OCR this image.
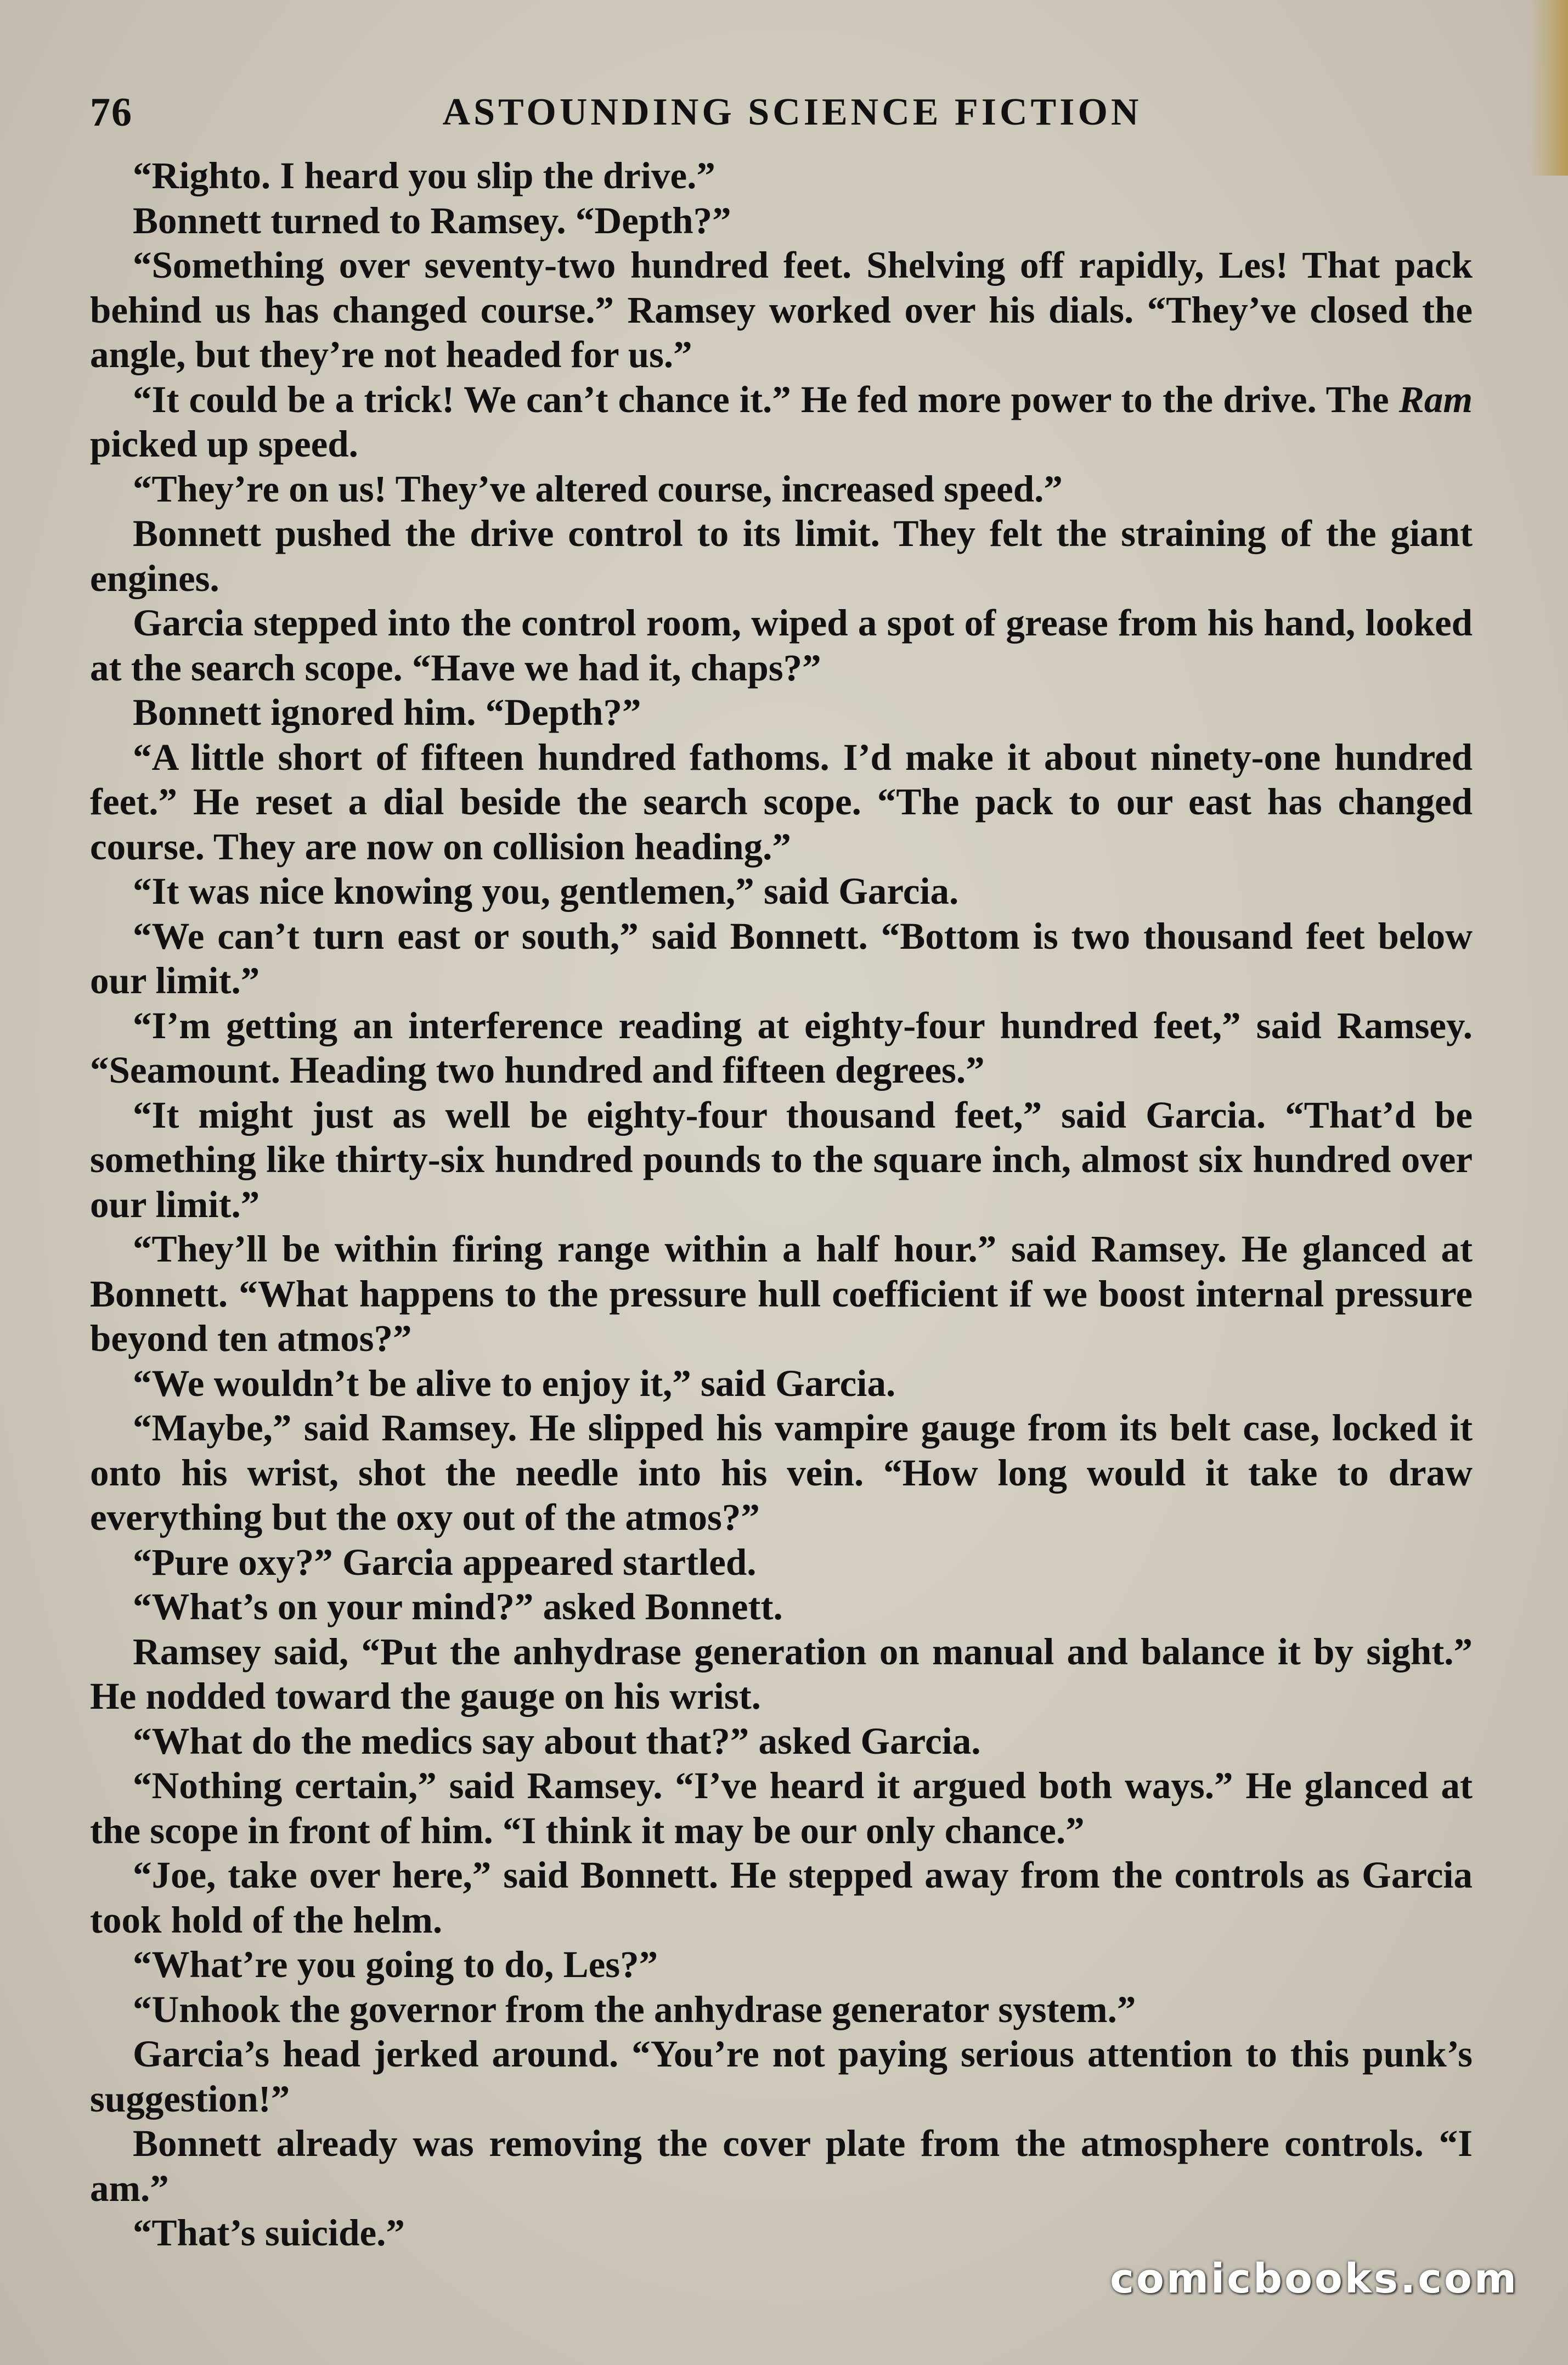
76	ASTOUNDING SCIENCE FICTION

“Righto. I heard you slip the drive.”

Bonnett turned to Ramsey. “Depth?”

“Something over seventy-two hundred feet. Shelving off rapidly, Les! That pack behind us has changed course.” Ramsey worked over his dials. “They’ve closed the angle, but they’re not headed for us.”

“It could be a trick! We can’t chance it.” He fed more power to the drive. The Ram picked up speed.

“They’re on us! They’ve altered course, increased speed.”

Bonnett pushed the drive control to its limit. They felt the straining of the giant engines.

Garcia stepped into the control room, wiped a spot of grease from his hand, looked at the search scope. “Have we had it, chaps?”

Bonnett ignored him. “Depth?”

“A little short of fifteen hundred fathoms. I’d make it about ninety-one hundred feet.” He reset a dial beside the search scope. “The pack to our east has changed course. They are now on collision heading.”

“It was nice knowing you, gentlemen,” said Garcia.

“We can’t turn east or south,” said Bonnett. “Bottom is two thousand feet below our limit.”

“I’m getting an interference reading at eighty-four hundred feet,” said Ramsey. “Seamount. Heading two hundred and fifteen degrees.”

“It might just as well be eighty-four thousand feet,” said Garcia. “That’d be something like thirty-six hundred pounds to the square inch, almost six hundred over our limit.”

“They’ll be within firing range within a half hour.” said Ramsey. He glanced at Bonnett. “What happens to the pressure hull coefficient if we boost internal pressure beyond ten atmos?”

“We wouldn’t be alive to enjoy it,” said Garcia.

“Maybe,” said Ramsey. He slipped his vampire gauge from its belt case, locked it onto his wrist, shot the needle into his vein. “How long would it take to draw everything but the oxy out of the atmos?”

“Pure oxy?” Garcia appeared startled.

“What’s on your mind?” asked Bonnett.

Ramsey said, “Put the anhydrase generation on manual and balance it by sight.” He nodded toward the gauge on his wrist.

“What do the medics say about that?” asked Garcia.

“Nothing certain,” said Ramsey. “I’ve heard it argued both ways.” He glanced at the scope in front of him. “I think it may be our only chance.”

“Joe, take over here,” said Bonnett. He stepped away from the controls as Garcia took hold of the helm.

“What’re you going to do, Les?”

“Unhook the governor from the anhydrase generator system.”

Garcia’s head jerked around. “You’re not paying serious attention to this punk’s suggestion!”

Bonnett already was removing the cover plate from the atmosphere controls. “I am.”

“That’s suicide.”

comicbooks.com
